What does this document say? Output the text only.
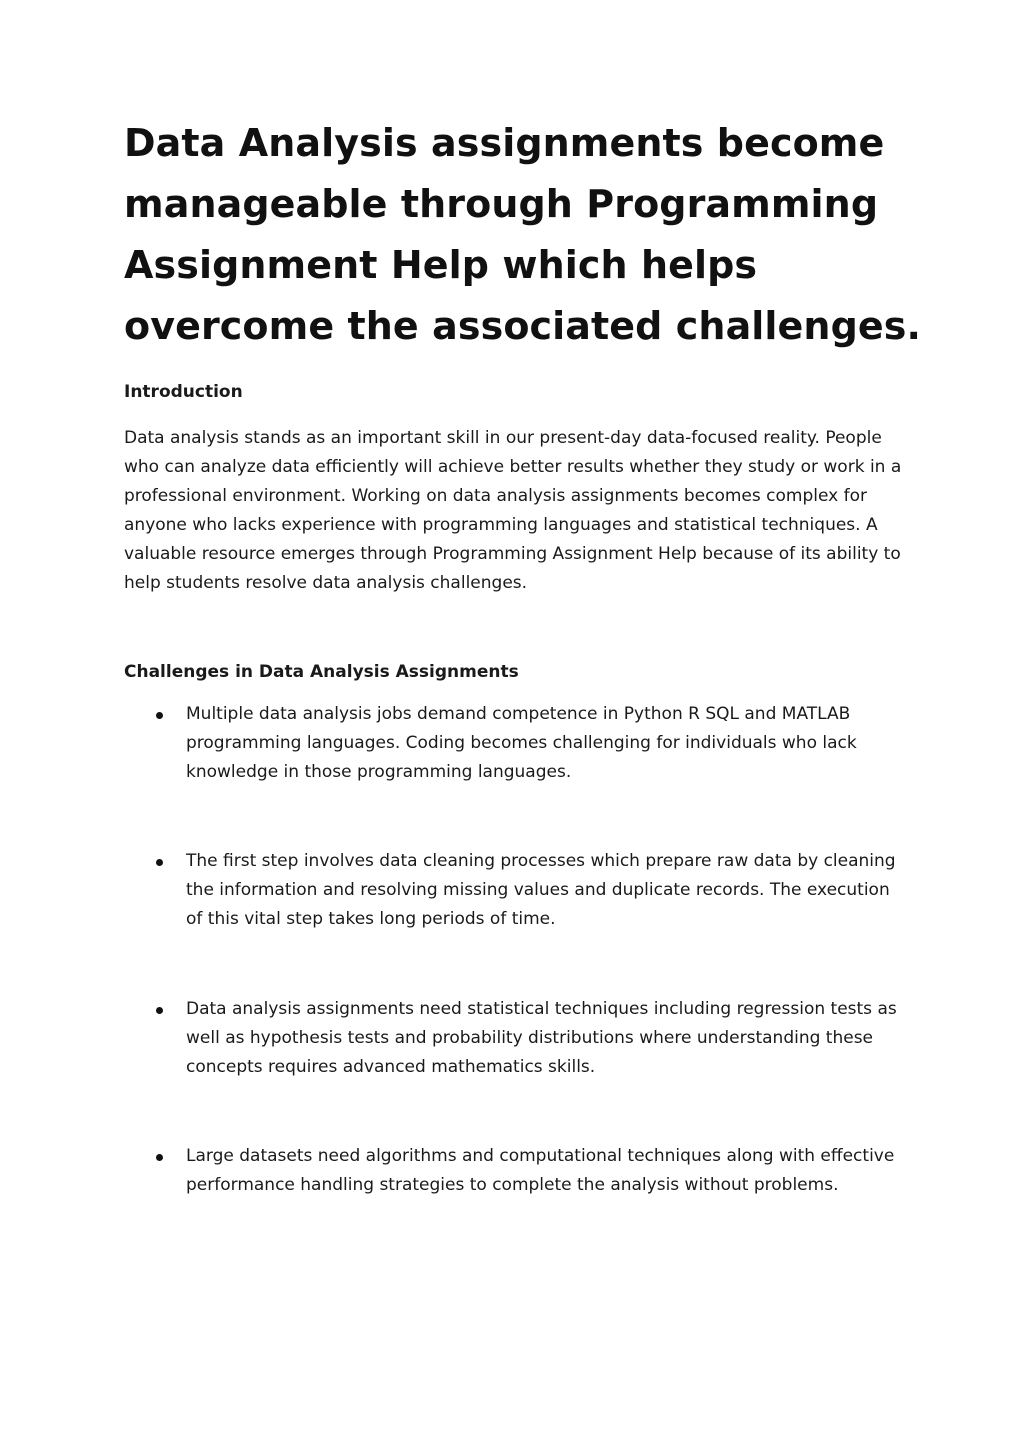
Data Analysis assignments become manageable through Programming Assignment Help which helps overcome the associated challenges.
Introduction

Data analysis stands as an important skill in our present-day data-focused reality. People who can analyze data efficiently will achieve better results whether they study or work in a professional environment. Working on data analysis assignments becomes complex for anyone who lacks experience with programming languages and statistical techniques. A valuable resource emerges through Programming Assignment Help because of its ability to help students resolve data analysis challenges.

Challenges in Data Analysis Assignments

Multiple data analysis jobs demand competence in Python R SQL and MATLAB programming languages. Coding becomes challenging for individuals who lack knowledge in those programming languages.

The first step involves data cleaning processes which prepare raw data by cleaning the information and resolving missing values and duplicate records. The execution of this vital step takes long periods of time.

Data analysis assignments need statistical techniques including regression tests as well as hypothesis tests and probability distributions where understanding these concepts requires advanced mathematics skills.

Large datasets need algorithms and computational techniques along with effective performance handling strategies to complete the analysis without problems.
